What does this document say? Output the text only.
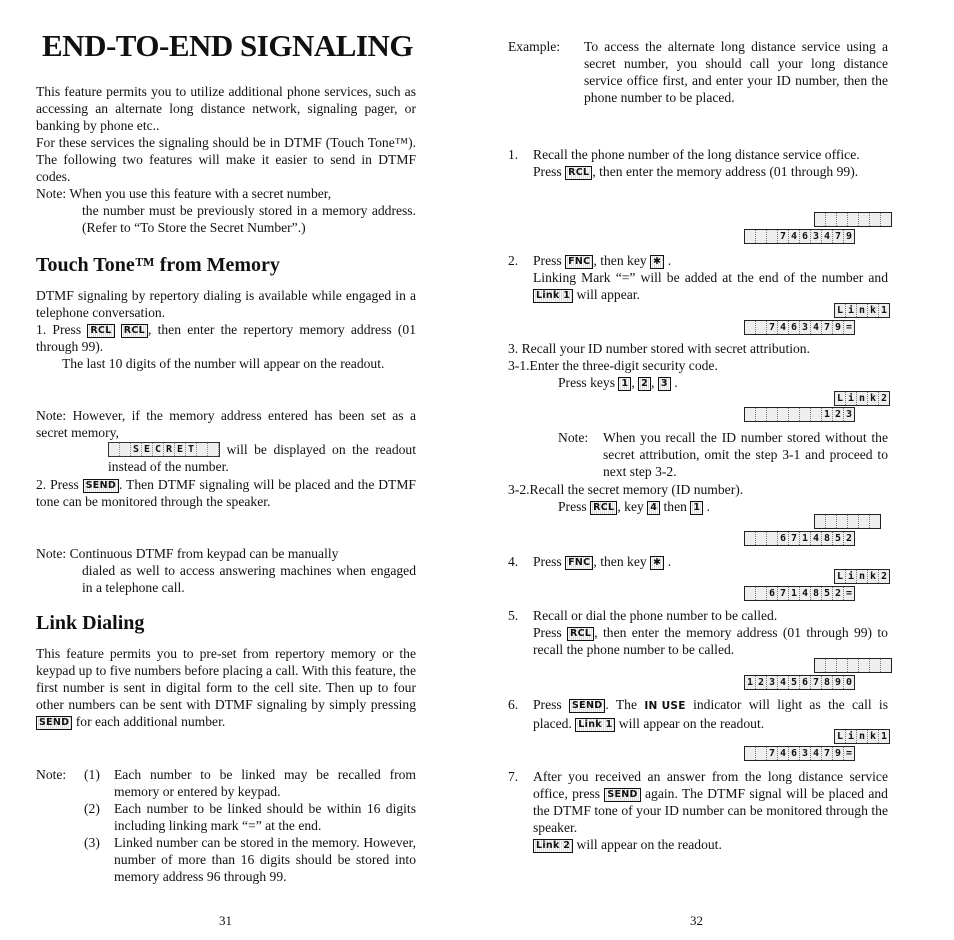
END-TO-END SIGNALING
This feature permits you to utilize additional phone services, such as accessing an alternate long distance network, signaling pager, or banking by phone etc..
For these services the signaling should be in DTMF (Touch Tone™). The following two features will make it easier to send in DTMF codes.
Note: When you use this feature with a secret number,
the number must be previously stored in a memory address. (Refer to “To Store the Secret Number”.)
Touch Tone™ from Memory
DTMF signaling by repertory dialing is available while engaged in a telephone conversation.
1. Press RCL RCL , then enter the repertory memory address (01 through 99).
The last 10 digits of the number will appear on the readout.
Note: However, if the memory address entered has been set as a secret memory,
S E C R E T will be displayed on the readout instead of the number.
2. Press SEND . Then DTMF signaling will be placed and the DTMF tone can be monitored through the speaker.
Note: Continuous DTMF from keypad can be manually
dialed as well to access answering machines when engaged in a telephone call.
Link Dialing
This feature permits you to pre-set from repertory memory or the keypad up to five numbers before placing a call. With this feature, the first number is sent in digital form to the cell site. Then up to four other numbers can be sent with DTMF signaling by simply pressing SEND for each additional number.
Note:	(1) Each number to be linked may be recalled from memory or entered by keypad.
(2) Each number to be linked should be within 16 digits including linking mark “=” at the end.
(3) Linked number can be stored in the memory. However, number of more than 16 digits should be stored into memory address 96 through 99.
31
Example: To access the alternate long distance service using a secret number, you should call your long distance service office first, and enter your ID number, then the phone number to be placed.
1. Recall the phone number of the long distance service office.
Press RCL , then enter the memory address (01 through 99).
7 4 6 3 4 7 9
2. Press FNC , then key ✱ .
Linking Mark “=” will be added at the end of the number and Link 1 will appear.
L i n k 1
7 4 6 3 4 7 9 =
3. Recall your ID number stored with secret attribution.
3-1.Enter the three-digit security code.
Press keys 1 , 2 , 3 .
L i n k 2
1 2 3
Note: When you recall the ID number stored without the secret attribution, omit the step 3-1 and proceed to next step 3-2.
3-2.Recall the secret memory (ID number).
Press RCL , key 4 then 1 .
6 7 1 4 8 5 2
4. Press FNC , then key ✱ .
L i n k 2
6 7 1 4 8 5 2 =
5. Recall or dial the phone number to be called.
Press RCL , then enter the memory address (01 through 99) to recall the phone number to be called.
1 2 3 4 5 6 7 8 9 0
6. Press SEND . The IN USE indicator will light as the call is placed. Link 1 will appear on the readout.
L i n k 1
7 4 6 3 4 7 9 =
7. After you received an answer from the long distance service office, press SEND again. The DTMF signal will be placed and the DTMF tone of your ID number can be monitored through the speaker.
Link 2 will appear on the readout.
32
